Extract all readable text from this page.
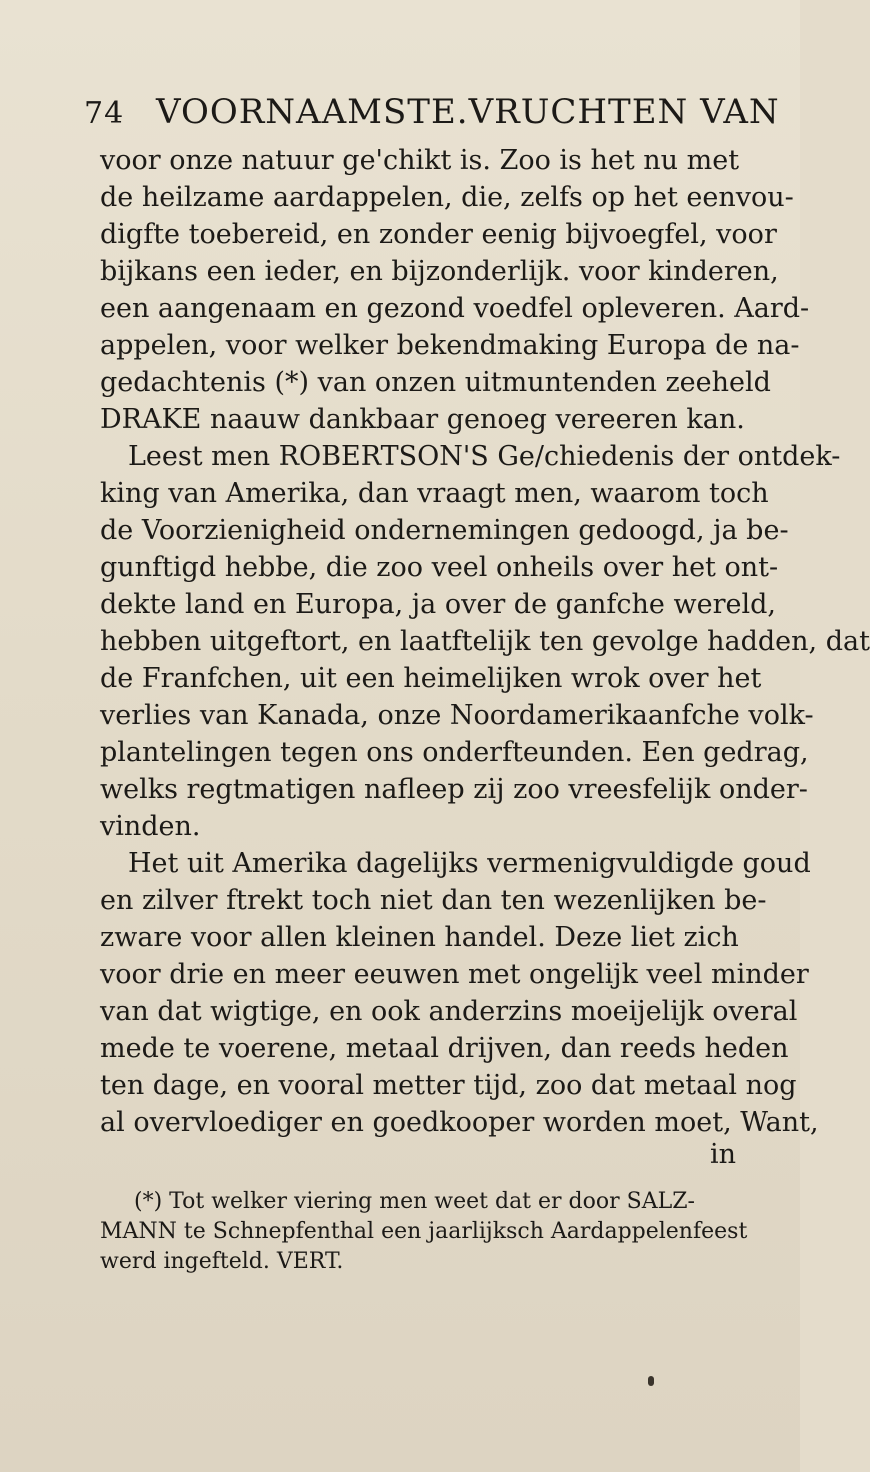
74 VOORNAAMSTE.VRUCHTEN VAN
voor onze natuur ge'chikt is. Zoo is het nu met
de heilzame aardappelen, die, zelfs op het eenvou-
digfte toebereid, en zonder eenig bijvoegfel, voor
bijkans een ieder, en bijzonderlijk. voor kinderen,
een aangenaam en gezond voedfel opleveren. Aard-
appelen, voor welker bekendmaking Europa de na-
gedachtenis (*) van onzen uitmuntenden zeeheld
DRAKE naauw dankbaar genoeg vereeren kan.
Leest men ROBERTSON'S Ge/chiedenis der ontdek-
king van Amerika, dan vraagt men, waarom toch
de Voorzienigheid ondernemingen gedoogd, ja be-
gunftigd hebbe, die zoo veel onheils over het ont-
dekte land en Europa, ja over de ganfche wereld,
hebben uitgeftort, en laatftelijk ten gevolge hadden, dat
de Franfchen, uit een heimelijken wrok over het
verlies van Kanada, onze Noordamerikaanfche volk-
plantelingen tegen ons onderfteunden. Een gedrag,
welks regtmatigen nafleep zij zoo vreesfelijk onder-
vinden.
Het uit Amerika dagelijks vermenigvuldigde goud
en zilver ftrekt toch niet dan ten wezenlijken be-
zware voor allen kleinen handel. Deze liet zich
voor drie en meer eeuwen met ongelijk veel minder
van dat wigtige, en ook anderzins moeijelijk overal
mede te voerene, metaal drijven, dan reeds heden
ten dage, en vooral metter tijd, zoo dat metaal nog
al overvloediger en goedkooper worden moet, Want,
in
(*) Tot welker viering men weet dat er door SALZ-
MANN te Schnepfenthal een jaarlijksch Aardappelenfeest
werd ingefteld. VERT.
